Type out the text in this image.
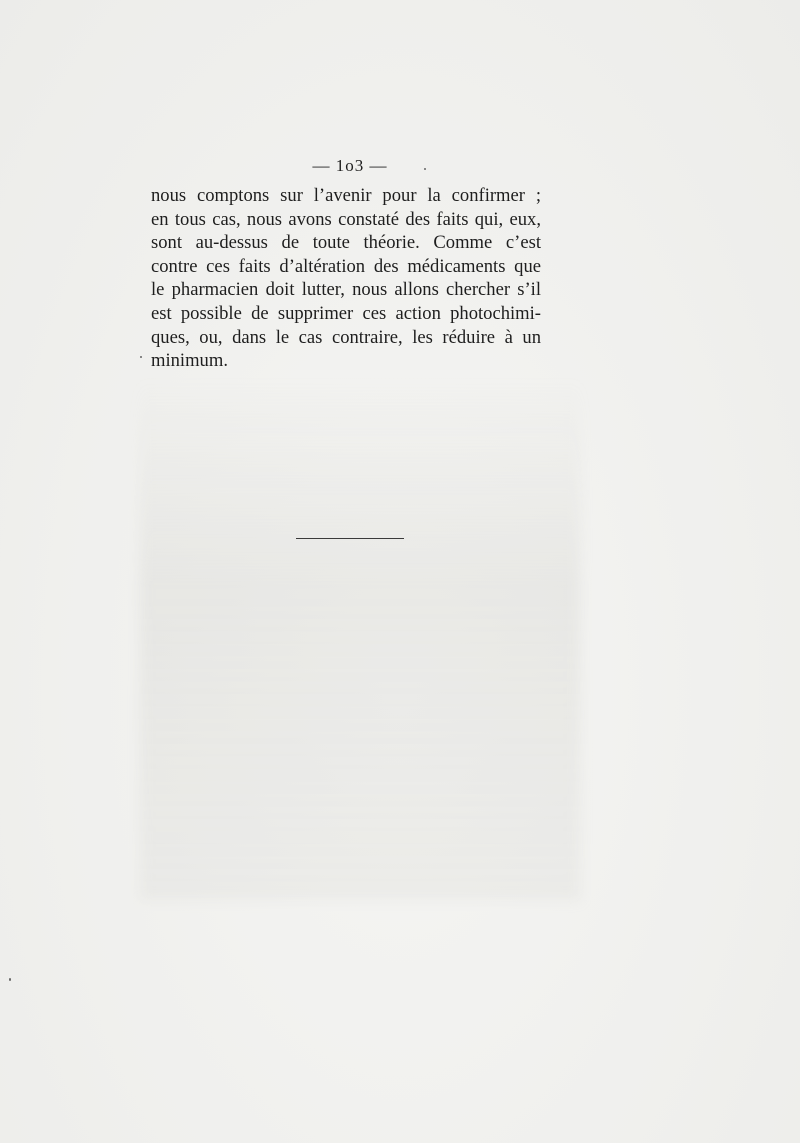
— 1o3 —
nous comptons sur l’avenir pour la confirmer ;
en tous cas, nous avons constaté des faits qui, eux,
sont au-dessus de toute théorie. Comme c’est
contre ces faits d’altération des médicaments que
le pharmacien doit lutter, nous allons chercher s’il
est possible de supprimer ces action photochimi-
ques, ou, dans le cas contraire, les réduire à un
minimum.
